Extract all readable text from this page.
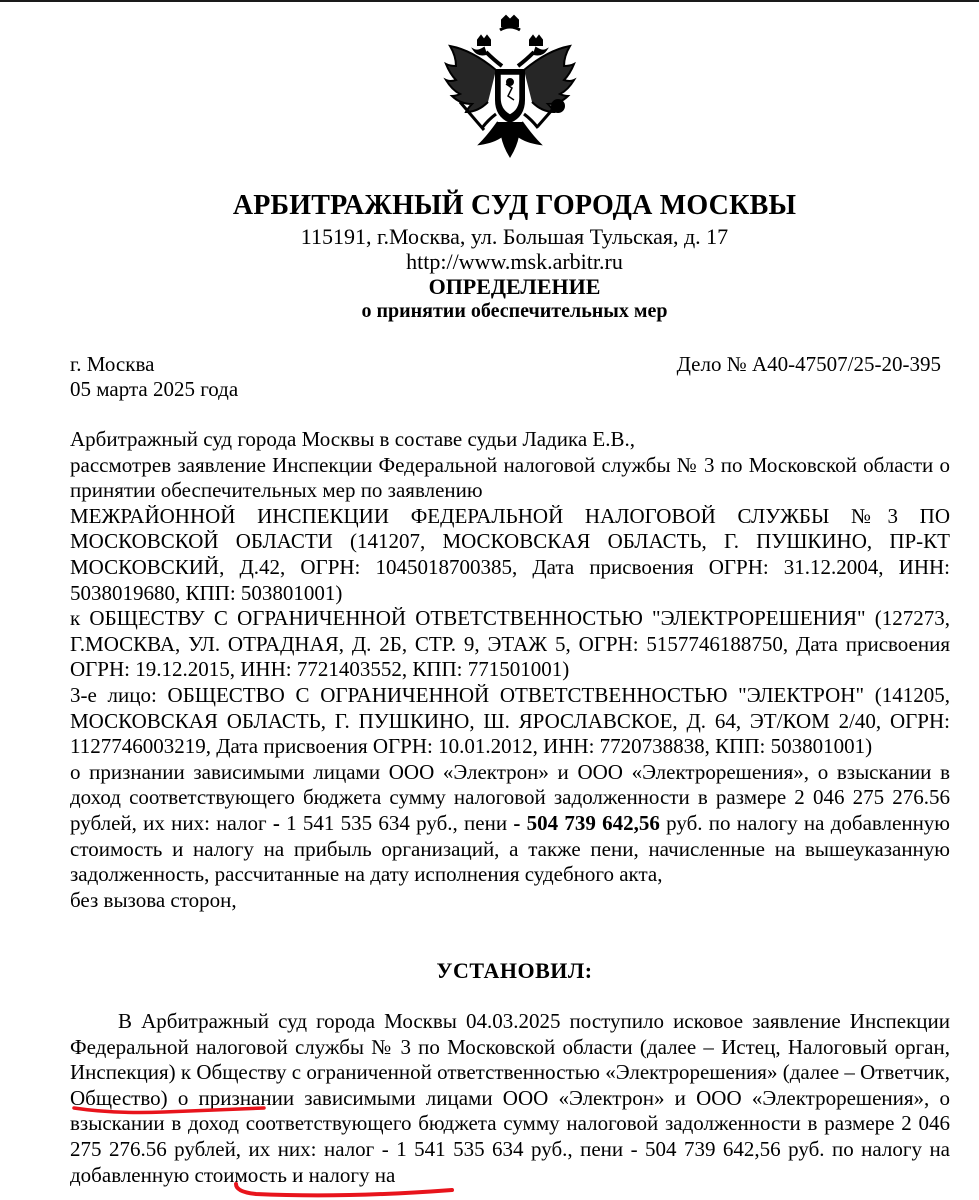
АРБИТРАЖНЫЙ СУД ГОРОДА МОСКВЫ
115191, г.Москва, ул. Большая Тульская, д. 17
http://www.msk.arbitr.ru
ОПРЕДЕЛЕНИЕ
о принятии обеспечительных мер
г. Москва
05 марта 2025 года
Дело № А40-47507/25-20-395

Арбитражный суд города Москвы в составе судьи Ладика Е.В.,

рассмотрев заявление Инспекции Федеральной налоговой службы № 3 по Московской области о принятии обеспечительных мер по заявлению

МЕЖРАЙОННОЙ ИНСПЕКЦИИ ФЕДЕРАЛЬНОЙ НАЛОГОВОЙ СЛУЖБЫ №3 ПО МОСКОВСКОЙ ОБЛАСТИ (141207, МОСКОВСКАЯ ОБЛАСТЬ, Г. ПУШКИНО, ПР-КТ МОСКОВСКИЙ, Д.42, ОГРН: 1045018700385, Дата присвоения ОГРН: 31.12.2004, ИНН: 5038019680, КПП: 503801001)

к ОБЩЕСТВУ С ОГРАНИЧЕННОЙ ОТВЕТСТВЕННОСТЬЮ "ЭЛЕКТРОРЕШЕНИЯ" (127273, Г.МОСКВА, УЛ. ОТРАДНАЯ, Д. 2Б, СТР. 9, ЭТАЖ 5, ОГРН: 5157746188750, Дата присвоения ОГРН: 19.12.2015, ИНН: 7721403552, КПП: 771501001)

3-е лицо: ОБЩЕСТВО С ОГРАНИЧЕННОЙ ОТВЕТСТВЕННОСТЬЮ "ЭЛЕКТРОН" (141205, МОСКОВСКАЯ ОБЛАСТЬ, Г. ПУШКИНО, Ш. ЯРОСЛАВСКОЕ, Д. 64, ЭТ/КОМ 2/40, ОГРН: 1127746003219, Дата присвоения ОГРН: 10.01.2012, ИНН: 7720738838, КПП: 503801001)

о признании зависимыми лицами ООО «Электрон» и ООО «Электрорешения», о взыскании в доход соответствующего бюджета сумму налоговой задолженности в размере 2 046 275 276.56 рублей, их них: налог - 1 541 535 634 руб., пени - 504 739 642,56 руб. по налогу на добавленную стоимость и налогу на прибыль организаций, а также пени, начисленные на вышеуказанную задолженность, рассчитанные на дату исполнения судебного акта,

без вызова сторон,

УСТАНОВИЛ:

В Арбитражный суд города Москвы 04.03.2025 поступило исковое заявление Инспекции Федеральной налоговой службы № 3 по Московской области (далее – Истец, Налоговый орган, Инспекция) к Обществу с ограниченной ответственностью «Электрорешения» (далее – Ответчик, Общество) о признании зависимыми лицами ООО «Электрон» и ООО «Электрорешения», о взыскании в доход соответствующего бюджета сумму налоговой задолженности в размере 2 046 275 276.56 рублей, их них: налог - 1 541 535 634 руб., пени - 504 739 642,56 руб. по налогу на добавленную стоимость и налогу на
